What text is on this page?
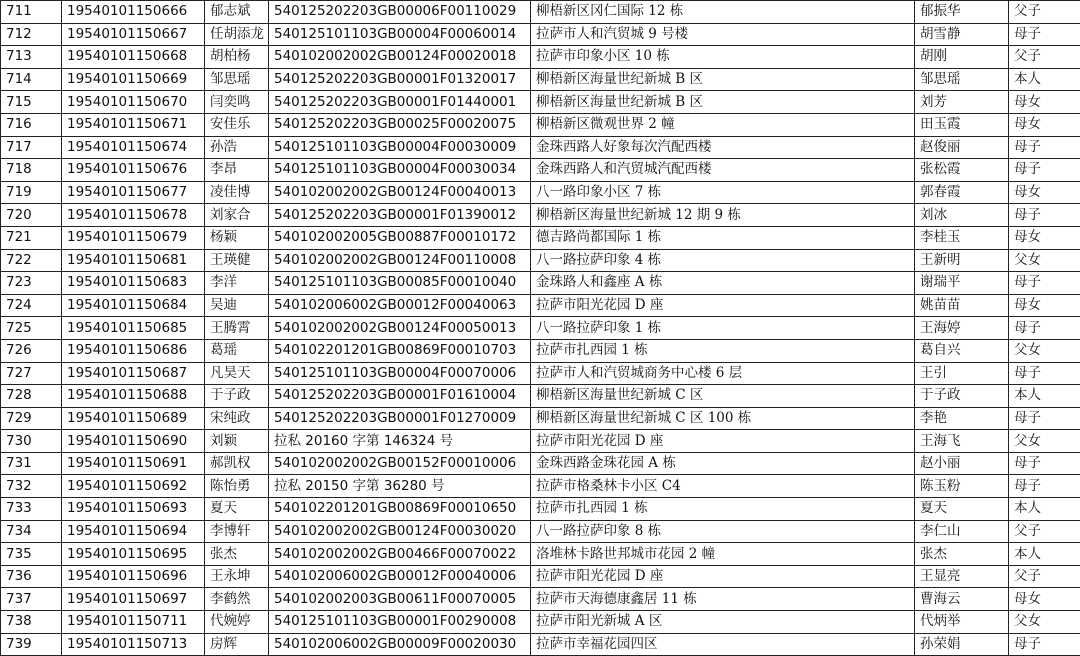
711	19540101150666	郁志斌	540125202203GB00006F00110029	柳梧新区冈仁国际 12 栋	郁振华	父子
712	19540101150667	任胡添龙	540125101103GB00004F00060014	拉萨市人和汽贸城 9 号楼	胡雪静	母子
713	19540101150668	胡柏杨	540102002002GB00124F00020018	拉萨市印象小区 10 栋	胡刚	父子
714	19540101150669	邹思瑶	540125202203GB00001F01320017	柳梧新区海量世纪新城 B 区	邹思瑶	本人
715	19540101150670	闫奕鸣	540125202203GB00001F01440001	柳梧新区海量世纪新城 B 区	刘芳	母女
716	19540101150671	安佳乐	540125202203GB00025F00020075	柳梧新区微观世界 2 幢	田玉霞	母女
717	19540101150674	孙浩	540125101103GB00004F00030009	金珠西路人好象每次汽配西楼	赵俊丽	母子
718	19540101150676	李昂	540125101103GB00004F00030034	金珠西路人和汽贸城汽配西楼	张松霞	母子
719	19540101150677	凌佳博	540102002002GB00124F00040013	八一路印象小区 7 栋	郭春霞	母女
720	19540101150678	刘家合	540125202203GB00001F01390012	柳梧新区海量世纪新城 12 期 9 栋	刘冰	母子
721	19540101150679	杨颖	540102002005GB00887F00010172	德吉路尚都国际 1 栋	李桂玉	母女
722	19540101150681	王瑛健	540102002002GB00124F00110008	八一路拉萨印象 4 栋	王新明	父女
723	19540101150683	李洋	540125101103GB00085F00010040	金珠路人和鑫座 A 栋	谢瑞平	母子
724	19540101150684	吴迪	540102006002GB00012F00040063	拉萨市阳光花园 D 座	姚苗苗	母女
725	19540101150685	王腾霄	540102002002GB00124F00050013	八一路拉萨印象 1 栋	王海婷	母子
726	19540101150686	葛瑶	540102201201GB00869F00010703	拉萨市扎西园 1 栋	葛自兴	父女
727	19540101150687	凡昊天	540125101103GB00004F00070006	拉萨市人和汽贸城商务中心楼 6 层	王引	母子
728	19540101150688	于子政	540125202203GB00001F01610004	柳梧新区海量世纪新城 C 区	于子政	本人
729	19540101150689	宋纯政	540125202203GB00001F01270009	柳梧新区海量世纪新城 C 区 100 栋	李艳	母子
730	19540101150690	刘颖	拉私 20160 字第 146324 号	拉萨市阳光花园 D 座	王海飞	父女
731	19540101150691	郝凯权	540102002002GB00152F00010006	金珠西路金珠花园 A 栋	赵小丽	母子
732	19540101150692	陈怡勇	拉私 20150 字第 36280 号	拉萨市格桑林卡小区 C4	陈玉粉	母子
733	19540101150693	夏天	540102201201GB00869F00010650	拉萨市扎西园 1 栋	夏天	本人
734	19540101150694	李博轩	540102002002GB00124F00030020	八一路拉萨印象 8 栋	李仁山	父子
735	19540101150695	张杰	540102002002GB00466F00070022	洛堆林卡路世邦城市花园 2 幢	张杰	本人
736	19540101150696	王永坤	540102006002GB00012F00040006	拉萨市阳光花园 D 座	王显亮	父子
737	19540101150697	李鹤然	540102002003GB00611F00070005	拉萨市天海德康鑫居 11 栋	曹海云	母女
738	19540101150711	代婉婷	540125101103GB00001F00290008	拉萨市阳光新城 A 区	代炳举	父女
739	19540101150713	房辉	540102006002GB00009F00020030	拉萨市幸福花园四区	孙荣娟	母子
